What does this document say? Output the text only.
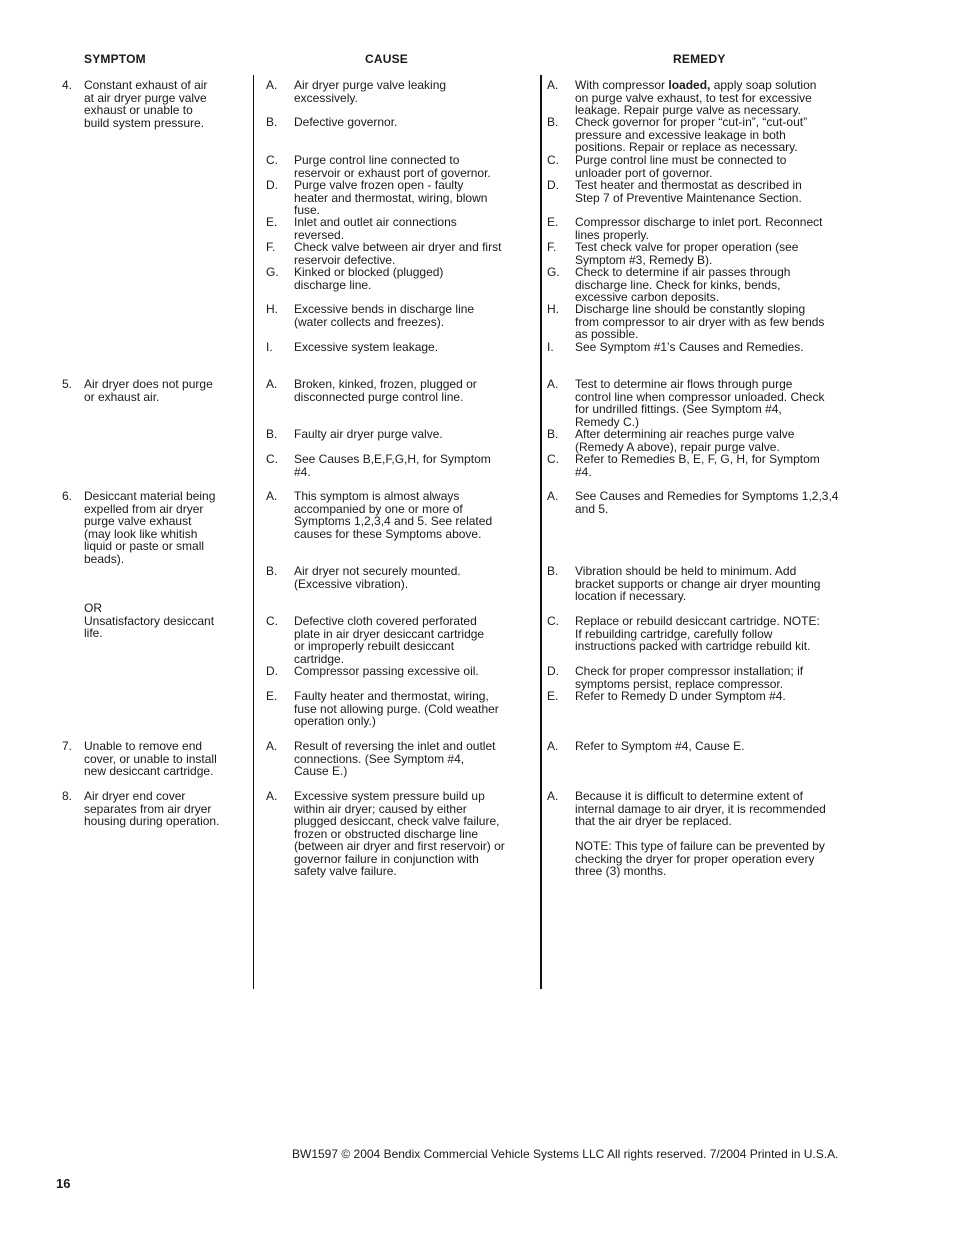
SYMPTOM	CAUSE	REMEDY
4. Constant exhaust of air
at air dryer purge valve
exhaust or unable to
build system pressure.
5. Air dryer does not purge
or exhaust air.
6. Desiccant material being
expelled from air dryer
purge valve exhaust
(may look like whitish
liquid or paste or small
beads).
OR
Unsatisfactory desiccant
life.
7. Unable to remove end
cover, or unable to install
new desiccant cartridge.
8. Air dryer end cover
separates from air dryer
housing during operation.
A. Air dryer purge valve leaking
excessively.
B. Defective governor.
C. Purge control line connected to
reservoir or exhaust port of governor.
D. Purge valve frozen open - faulty
heater and thermostat, wiring, blown
fuse.
E. Inlet and outlet air connections
reversed.
F. Check valve between air dryer and first
reservoir defective.
G. Kinked or blocked (plugged)
discharge line.
H. Excessive bends in discharge line
(water collects and freezes).
I. Excessive system leakage.
A. Broken, kinked, frozen, plugged or
disconnected purge control line.
B. Faulty air dryer purge valve.
C. See Causes B,E,F,G,H, for Symptom
#4.
A. This symptom is almost always
accompanied by one or more of
Symptoms 1,2,3,4 and 5. See related
causes for these Symptoms above.
B. Air dryer not securely mounted.
(Excessive vibration).
C. Defective cloth covered perforated
plate in air dryer desiccant cartridge
or improperly rebuilt desiccant
cartridge.
D. Compressor passing excessive oil.
E. Faulty heater and thermostat, wiring,
fuse not allowing purge. (Cold weather
operation only.)
A. Result of reversing the inlet and outlet
connections. (See Symptom #4,
Cause E.)
A. Excessive system pressure build up
within air dryer; caused by either
plugged desiccant, check valve failure,
frozen or obstructed discharge line
(between air dryer and first reservoir) or
governor failure in conjunction with
safety valve failure.
A. With compressor loaded, apply soap solution
on purge valve exhaust, to test for excessive
leakage. Repair purge valve as necessary.
B. Check governor for proper “cut-in”, “cut-out”
pressure and excessive leakage in both
positions. Repair or replace as necessary.
C. Purge control line must be connected to
unloader port of governor.
D. Test heater and thermostat as described in
Step 7 of Preventive Maintenance Section.
E. Compressor discharge to inlet port. Reconnect
lines properly.
F. Test check valve for proper operation (see
Symptom #3, Remedy B).
G. Check to determine if air passes through
discharge line. Check for kinks, bends,
excessive carbon deposits.
H. Discharge line should be constantly sloping
from compressor to air dryer with as few bends
as possible.
I. See Symptom #1’s Causes and Remedies.
A. Test to determine air flows through purge
control line when compressor unloaded. Check
for undrilled fittings. (See Symptom #4,
Remedy C.)
B. After determining air reaches purge valve
(Remedy A above), repair purge valve.
C. Refer to Remedies B, E, F, G, H, for Symptom
#4.
A. See Causes and Remedies for Symptoms 1,2,3,4
and 5.
B. Vibration should be held to minimum. Add
bracket supports or change air dryer mounting
location if necessary.
C. Replace or rebuild desiccant cartridge. NOTE:
If rebuilding cartridge, carefully follow
instructions packed with cartridge rebuild kit.
D. Check for proper compressor installation; if
symptoms persist, replace compressor.
E. Refer to Remedy D under Symptom #4.
A. Refer to Symptom #4, Cause E.
A. Because it is difficult to determine extent of
internal damage to air dryer, it is recommended
that the air dryer be replaced.
NOTE: This type of failure can be prevented by
checking the dryer for proper operation every
three (3) months.
BW1597 © 2004 Bendix Commercial Vehicle Systems LLC All rights reserved. 7/2004 Printed in U.S.A.
16
